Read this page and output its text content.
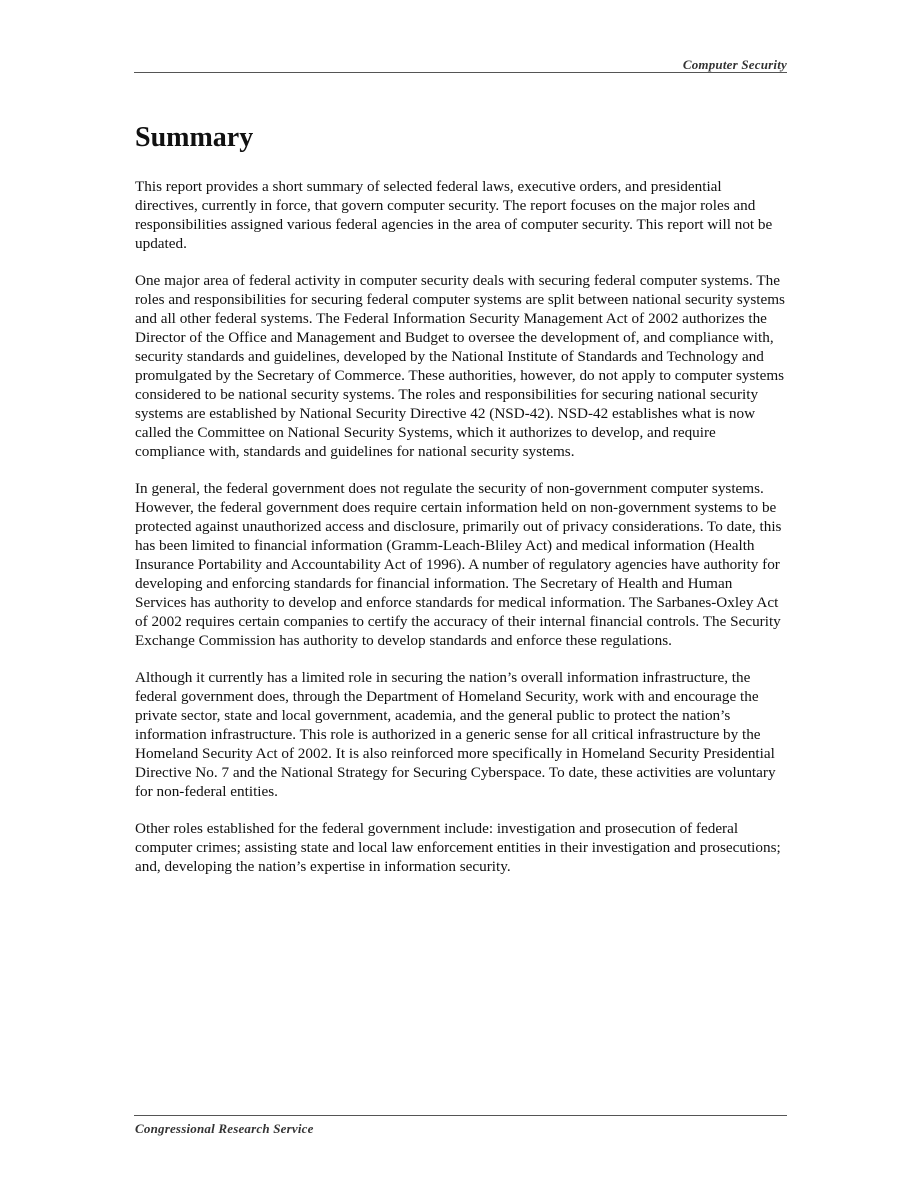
Computer Security
Summary

This report provides a short summary of selected federal laws, executive orders, and presidential directives, currently in force, that govern computer security. The report focuses on the major roles and responsibilities assigned various federal agencies in the area of computer security. This report will not be updated.

One major area of federal activity in computer security deals with securing federal computer systems. The roles and responsibilities for securing federal computer systems are split between national security systems and all other federal systems. The Federal Information Security Management Act of 2002 authorizes the Director of the Office and Management and Budget to oversee the development of, and compliance with, security standards and guidelines, developed by the National Institute of Standards and Technology and promulgated by the Secretary of Commerce. These authorities, however, do not apply to computer systems considered to be national security systems. The roles and responsibilities for securing national security systems are established by National Security Directive 42 (NSD-42). NSD-42 establishes what is now called the Committee on National Security Systems, which it authorizes to develop, and require compliance with, standards and guidelines for national security systems.

In general, the federal government does not regulate the security of non-government computer systems. However, the federal government does require certain information held on non-government systems to be protected against unauthorized access and disclosure, primarily out of privacy considerations. To date, this has been limited to financial information (Gramm-Leach-Bliley Act) and medical information (Health Insurance Portability and Accountability Act of 1996). A number of regulatory agencies have authority for developing and enforcing standards for financial information. The Secretary of Health and Human Services has authority to develop and enforce standards for medical information. The Sarbanes-Oxley Act of 2002 requires certain companies to certify the accuracy of their internal financial controls. The Security Exchange Commission has authority to develop standards and enforce these regulations.

Although it currently has a limited role in securing the nation’s overall information infrastructure, the federal government does, through the Department of Homeland Security, work with and encourage the private sector, state and local government, academia, and the general public to protect the nation’s information infrastructure. This role is authorized in a generic sense for all critical infrastructure by the Homeland Security Act of 2002. It is also reinforced more specifically in Homeland Security Presidential Directive No. 7 and the National Strategy for Securing Cyberspace. To date, these activities are voluntary for non-federal entities.

Other roles established for the federal government include: investigation and prosecution of federal computer crimes; assisting state and local law enforcement entities in their investigation and prosecutions; and, developing the nation’s expertise in information security.

Congressional Research Service
